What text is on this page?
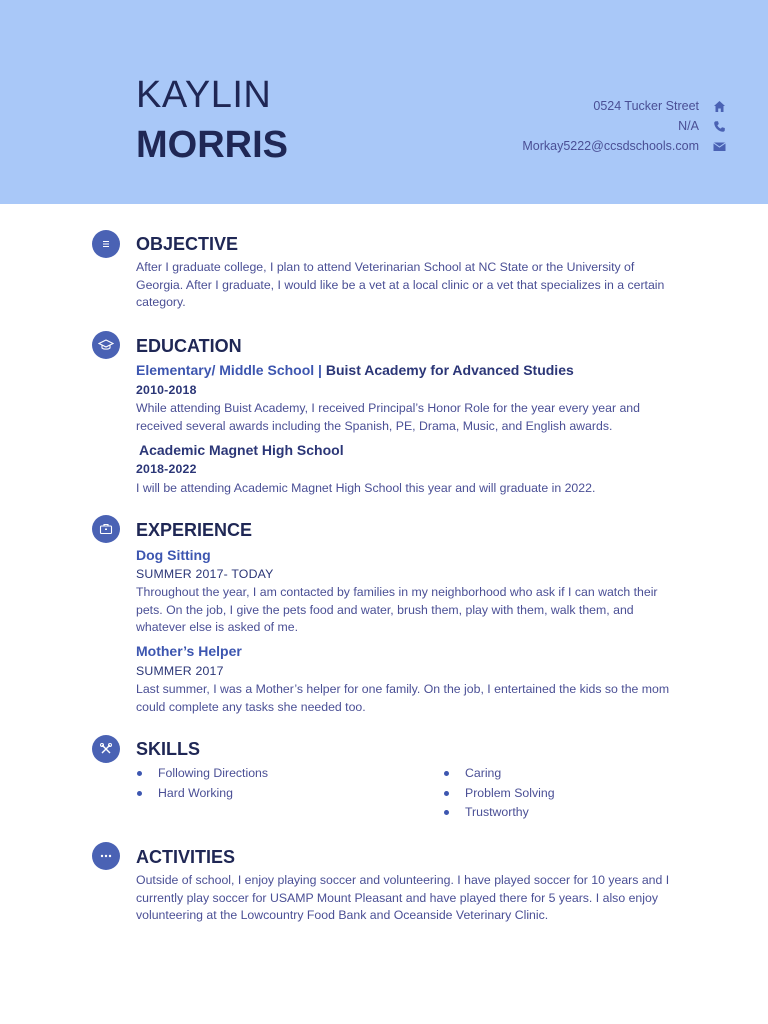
KAYLIN
MORRIS
0524 Tucker Street
N/A
Morkay5222@ccsdschools.com
OBJECTIVE
After I graduate college, I plan to attend Veterinarian School at NC State or the University of Georgia. After I graduate, I would like be a vet at a local clinic or a vet that specializes in a certain category.
EDUCATION
Elementary/ Middle School | Buist Academy for Advanced Studies
2010-2018
While attending Buist Academy, I received Principal’s Honor Role for the year every year and received several awards including the Spanish, PE, Drama, Music, and English awards.
Academic Magnet High School
2018-2022
I will be attending Academic Magnet High School this year and will graduate in 2022.
EXPERIENCE
Dog Sitting
SUMMER 2017- TODAY
Throughout the year, I am contacted by families in my neighborhood who ask if I can watch their pets. On the job, I give the pets food and water, brush them, play with them, walk them, and whatever else is asked of me.
Mother’s Helper
SUMMER 2017
Last summer, I was a Mother’s helper for one family. On the job, I entertained the kids so the mom could complete any tasks she needed too.
SKILLS
Following Directions
Hard Working
Caring
Problem Solving
Trustworthy
ACTIVITIES
Outside of school, I enjoy playing soccer and volunteering. I have played soccer for 10 years and I currently play soccer for USAMP Mount Pleasant and have played there for 5 years. I also enjoy volunteering at the Lowcountry Food Bank and Oceanside Veterinary Clinic.
